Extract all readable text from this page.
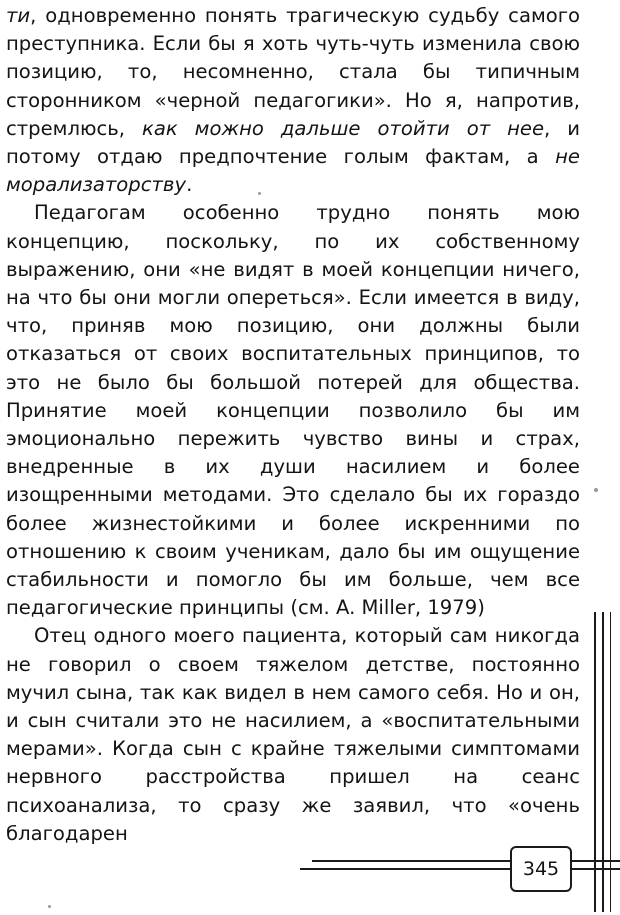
ти, одновременно понять трагическую судьбу самого преступника. Если бы я хоть чуть-чуть изменила свою позицию, то, несомненно, стала бы типичным сторонником «черной педагогики». Но я, напротив, стремлюсь, как можно дальше отойти от нее, и потому отдаю предпочтение голым фактам, а не морализаторству.

Педагогам особенно трудно понять мою концепцию, поскольку, по их собственному выражению, они «не видят в моей концепции ничего, на что бы они могли опереться». Если имеется в виду, что, приняв мою позицию, они должны были отказаться от своих воспитательных принципов, то это не было бы большой потерей для общества. Принятие моей концепции позволило бы им эмоционально пережить чувство вины и страх, внедренные в их души насилием и более изощренными методами. Это сделало бы их гораздо более жизнестойкими и более искренними по отношению к своим ученикам, дало бы им ощущение стабильности и помогло бы им больше, чем все педагогические принципы (см. A. Miller, 1979)

Отец одного моего пациента, который сам никогда не говорил о своем тяжелом детстве, постоянно мучил сына, так как видел в нем самого себя. Но и он, и сын считали это не насилием, а «воспитательными мерами». Когда сын с крайне тяжелыми симптомами нервного расстройства пришел на сеанс психоанализа, то сразу же заявил, что «очень благодарен

345
